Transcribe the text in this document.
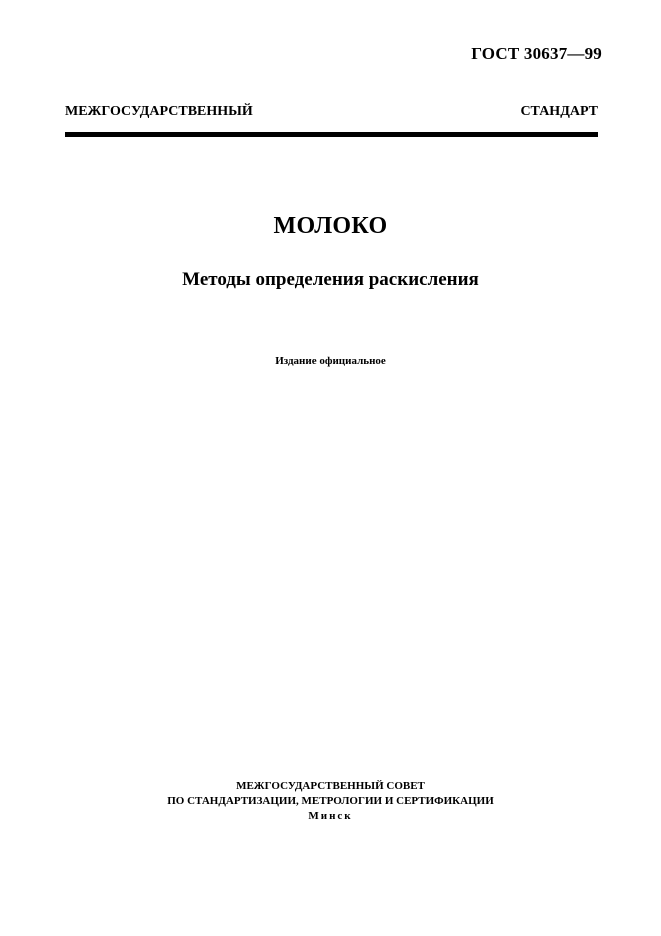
ГОСТ 30637—99
МЕЖГОСУДАРСТВЕННЫЙ СТАНДАРТ
МОЛОКО
Методы определения раскисления
Издание официальное
МЕЖГОСУДАРСТВЕННЫЙ СОВЕТ
ПО СТАНДАРТИЗАЦИИ, МЕТРОЛОГИИ И СЕРТИФИКАЦИИ
Минск
